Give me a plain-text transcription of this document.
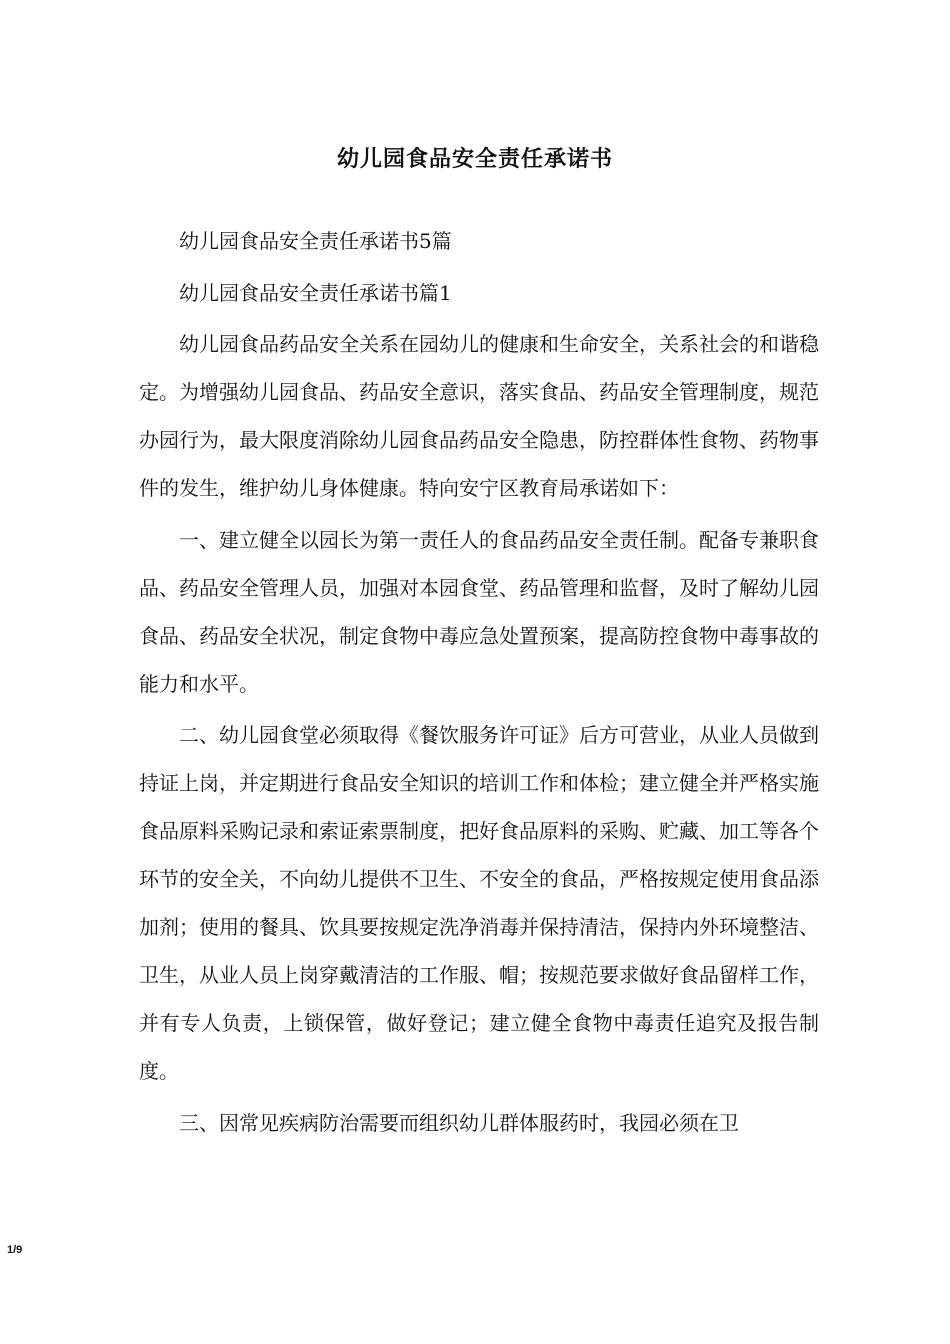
幼儿园食品安全责任承诺书

幼儿园食品安全责任承诺书5篇

幼儿园食品安全责任承诺书篇1

幼儿园食品药品安全关系在园幼儿的健康和生命安全，关系社会的和谐稳定。为增强幼儿园食品、药品安全意识，落实食品、药品安全管理制度，规范办园行为，最大限度消除幼儿园食品药品安全隐患，防控群体性食物、药物事件的发生，维护幼儿身体健康。特向安宁区教育局承诺如下：

一、建立健全以园长为第一责任人的食品药品安全责任制。配备专兼职食品、药品安全管理人员，加强对本园食堂、药品管理和监督，及时了解幼儿园食品、药品安全状况，制定食物中毒应急处置预案，提高防控食物中毒事故的能力和水平。

二、幼儿园食堂必须取得《餐饮服务许可证》后方可营业，从业人员做到持证上岗，并定期进行食品安全知识的培训工作和体检；建立健全并严格实施食品原料采购记录和索证索票制度，把好食品原料的采购、贮藏、加工等各个环节的安全关，不向幼儿提供不卫生、不安全的食品，严格按规定使用食品添加剂；使用的餐具、饮具要按规定洗净消毒并保持清洁，保持内外环境整洁、卫生，从业人员上岗穿戴清洁的工作服、帽；按规范要求做好食品留样工作，并有专人负责，上锁保管，做好登记；建立健全食物中毒责任追究及报告制度。

三、因常见疾病防治需要而组织幼儿群体服药时，我园必须在卫

1/9
